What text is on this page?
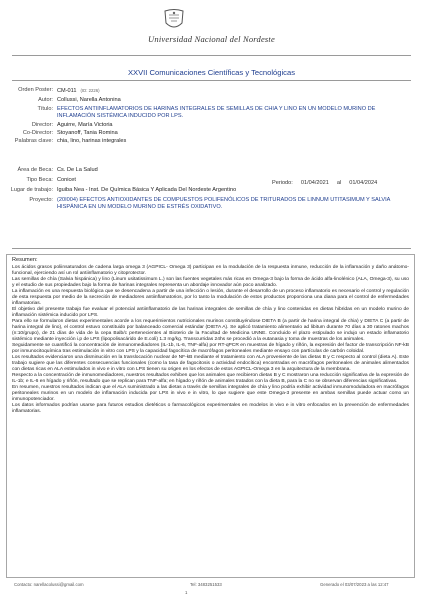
Universidad Nacional del Nordeste
XXVII Comunicaciones Científicas y Tecnológicas
Orden Poster: CM-011 (ID: 2226)
Autor: Collussi, Narella Antonina
Título: EFECTOS ANTIINFLAMATORIOS DE HARINAS INTEGRALES DE SEMILLAS DE CHIA Y LINO EN UN MODELO MURINO DE INFLAMACIÓN SISTÉMICA INDUCIDO POR LPS.
Director: Aguirre, María Victoria
Co-Director: Stoyanoff, Tania Romina
Palabras clave: chia, lino, harinas integrales
Área de Beca: Cs. De La Salud
Tipo Beca: Conicet
Lugar de trabajo: Iguiba Nea - Inst. De Química Básica Y Aplicada Del Nordeste Argentino
Proyecto: (20I004) EFECTOS ANTIOXIDANTES DE COMPUESTOS POLIFENÓLICOS DE TRITURADOS DE LINNUM UTITASIMUM Y SALVIA HISPÁNICA EN UN MODELO MURINO DE ESTRÉS OXIDATIVO.
Periodo: 01/04/2021 al 01/04/2024
Resumen:

Los ácidos grasos poliinsaturados de cadena larga omega 3 (AGPICL- Omega 3) participan en la modulación de la respuesta inmune, reducción de la inflamación y daño anátomo-funcional, ejerciendo así un rol antiinflamatorio y citoprotector.

Las semillas de chía (Salvia hispánica) y lino (Linum usitatissimum L.) son las fuentes vegetales más ricas en Omega-3 bajo la forma de ácido alfa-linolénico (ALA, Omega-3), su uso y el estudio de sus propiedades bajo la forma de harinas integrales representa un abordaje innovador aún poco analizado.

La inflamación es una respuesta biológica que se desencadena a partir de una infección o lesión, durante el desarrollo de un proceso inflamatorio es necesario el control y regulación de esta respuesta por medio de la secreción de mediadores antiinflamatorios, por lo tanto la modulación de estos productos proporciona una diana para el control de enfermedades inflamatorias.

El objetivo del presente trabajo fue evaluar el potencial antiinflamatorio de las harinas integrales de semillas de chía y lino contenidas en dietas hibridas en un modelo murino de inflamación sistémica inducido por LPS.

Para ello se formularon dietas experimentales acorde a los requerimientos nutricionales murinos constituyéndose DIETA B (a partir de harina integral de chia) y DIETA C (a partir de harina integral de lino), el control estuvo constituido por balanceado comercial estándar (DIETA A). Se aplicó tratamiento alimentario ad libitum durante 70 días a 30 ratones machos (n:10/grupo), de 21 días de vida de la cepa Balb/c pertenecientes al Bioterio de la Facultad de Medicina UNNE. Concluido el plazo estipulado se indujo un estado inflamatorio sistémico mediante inyección i.p de LPS (lipopolisacárido de E.coli) 1.3 mg/kg. Transcurridas 24hs se procedió a la eutanasia y toma de muestras de los animales.

Seguidamente se cuantificó la concentración de inmunomediadores (IL-1b, IL-6, TNF-alfa) por RT-qPCR en muestras de hígado y riñón, la expresión del factor de transcripción NF-kB por inmunocitoquímica tras estimulación in vitro con LPS y la capacidad fagocítica de macrófagos peritoneales mediante ensayo con partículas de carbón coloidal.

Los resultados evidenciaron una disminución en la translocación nuclear de NF-kB mediante el tratamiento con ALA proveniente de las dietas B y C respecto al control (dieta A). Este trabajo sugiere que las diferentes consecuencias funcionales (como la tasa de fagocitosis o actividad endocítica) encontradas en macrófagos peritoneales de animales alimentados con dietas ricas en ALA estimulados in vivo e in vitro con LPS tienen su origen en los efectos de estos AGPICL-Omega 3 en la arquitectura de la membrana.

Respecto a la concentración de inmunomediadores, nuestros resultados exhiben que los animales que recibieron dietas B y C mostraron una reducción significativa de la expresión de IL-1b; e IL-6 en hígado y riñón, resultado que se replican para TNF-alfa; en hígado y riñón de animales tratados con la dieta B, para la C no se observan diferencias significativas.

En resumen, nuestros resultados indican que el ALA suministrado a las dietas a través de semillas integrales de chía y lino podría exhibir actividad inmunomoduladora en macrófagos peritoneales murinos en un modelo de inflamación inducida por LPS in vivo e in vitro, lo que sugiere que este Omega-3 presente en ambas semillas puede actuar como un inmunopotenciador.

Los datos informados podrían usarse para futuros estudios dietéticos o farmacológicos experimentales en modelos in vivo e in vitro enfocados en la prevención de enfermedades inflamatorias.

Contacto: narellacolussi@gmail.com	Tel: 3483251533	Generado el 03/07/2023 a las 12:47
1
